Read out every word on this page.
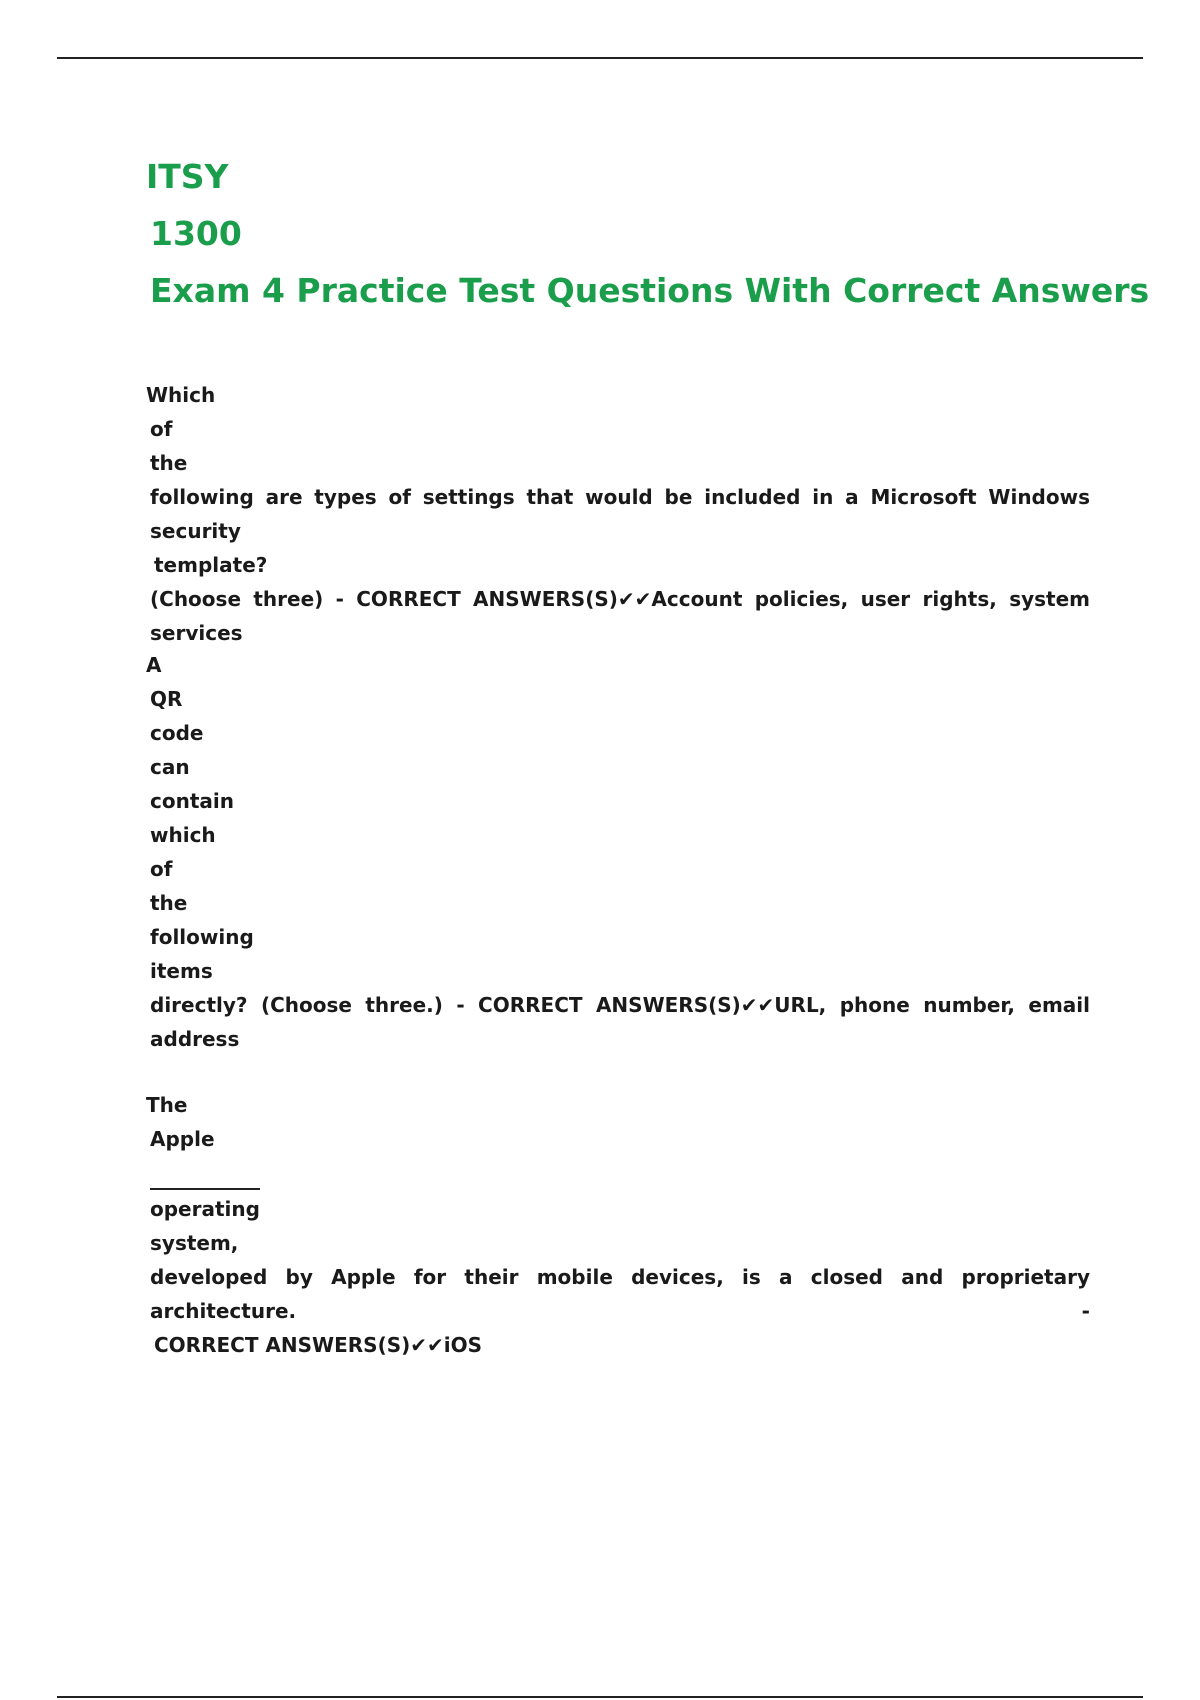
ITSY
1300
Exam 4 Practice Test Questions With Correct Answers
Which
of
the
following are types of settings that would be included in a Microsoft Windows security
template?
(Choose three) - CORRECT ANSWERS(S)✔✔Account policies, user rights, system services
A
QR
code
can
contain
which
of
the
following
items
directly? (Choose three.) - CORRECT ANSWERS(S)✔✔URL, phone number, email address
The
Apple
operating
system,
developed by Apple for their mobile devices, is a closed and proprietary architecture. -
CORRECT ANSWERS(S)✔✔iOS
